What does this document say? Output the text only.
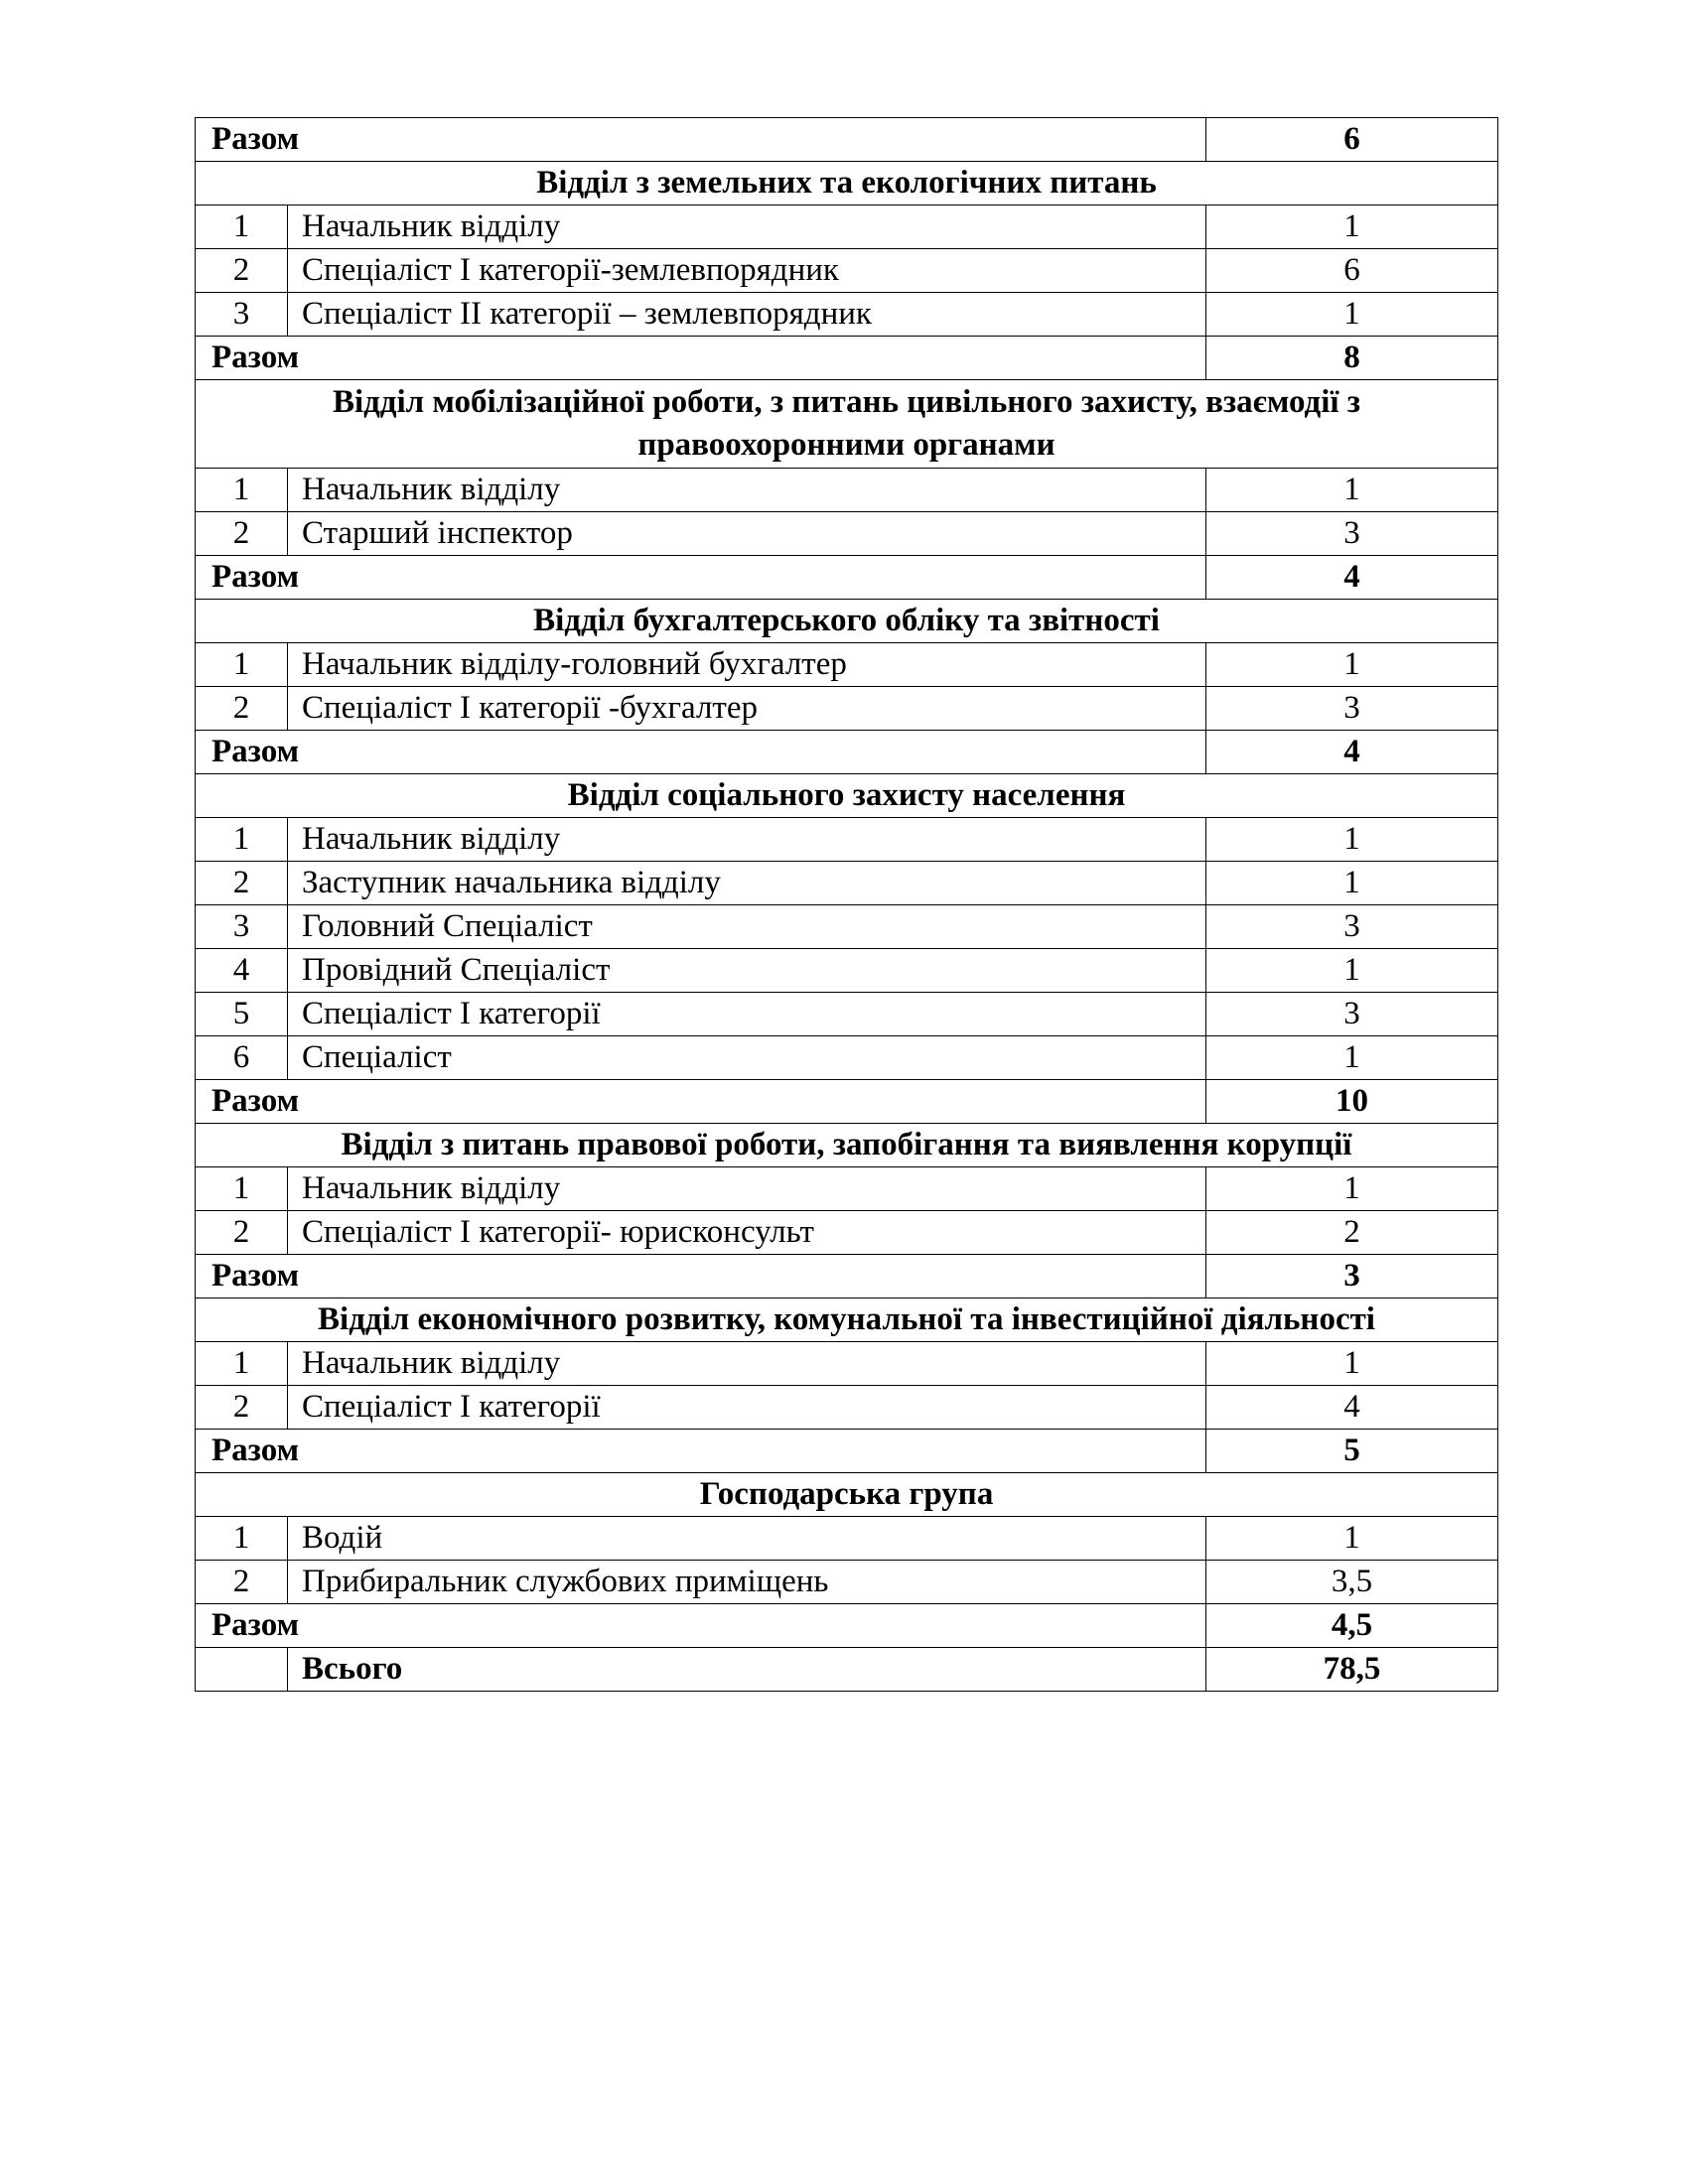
Разом		6
Відділ з земельних та екологічних питань		
1	Начальник відділу	1
2	Спеціаліст І категорії-землевпорядник	6
3	Спеціаліст ІІ категорії – землевпорядник	1
Разом		8
Відділ мобілізаційної роботи, з питань цивільного захисту, взаємодії з правоохоронними органами		
1	Начальник відділу	1
2	Старший інспектор	3
Разом		4
Відділ бухгалтерського обліку та звітності		
1	Начальник відділу-головний бухгалтер	1
2	Спеціаліст І категорії -бухгалтер	3
Разом		4
Відділ соціального захисту населення		
1	Начальник відділу	1
2	Заступник начальника відділу	1
3	Головний Спеціаліст	3
4	Провідний Спеціаліст	1
5	Спеціаліст І категорії	3
6	Спеціаліст	1
Разом		10
Відділ з питань правової роботи, запобігання та виявлення корупції		
1	Начальник відділу	1
2	Спеціаліст І категорії- юрисконсульт	2
Разом		3
Відділ економічного розвитку, комунальної та інвестиційної діяльності		
1	Начальник відділу	1
2	Спеціаліст І категорії	4
Разом		5
Господарська група		
1	Водій	1
2	Прибиральник службових приміщень	3,5
Разом		4,5
	Всього	78,5
